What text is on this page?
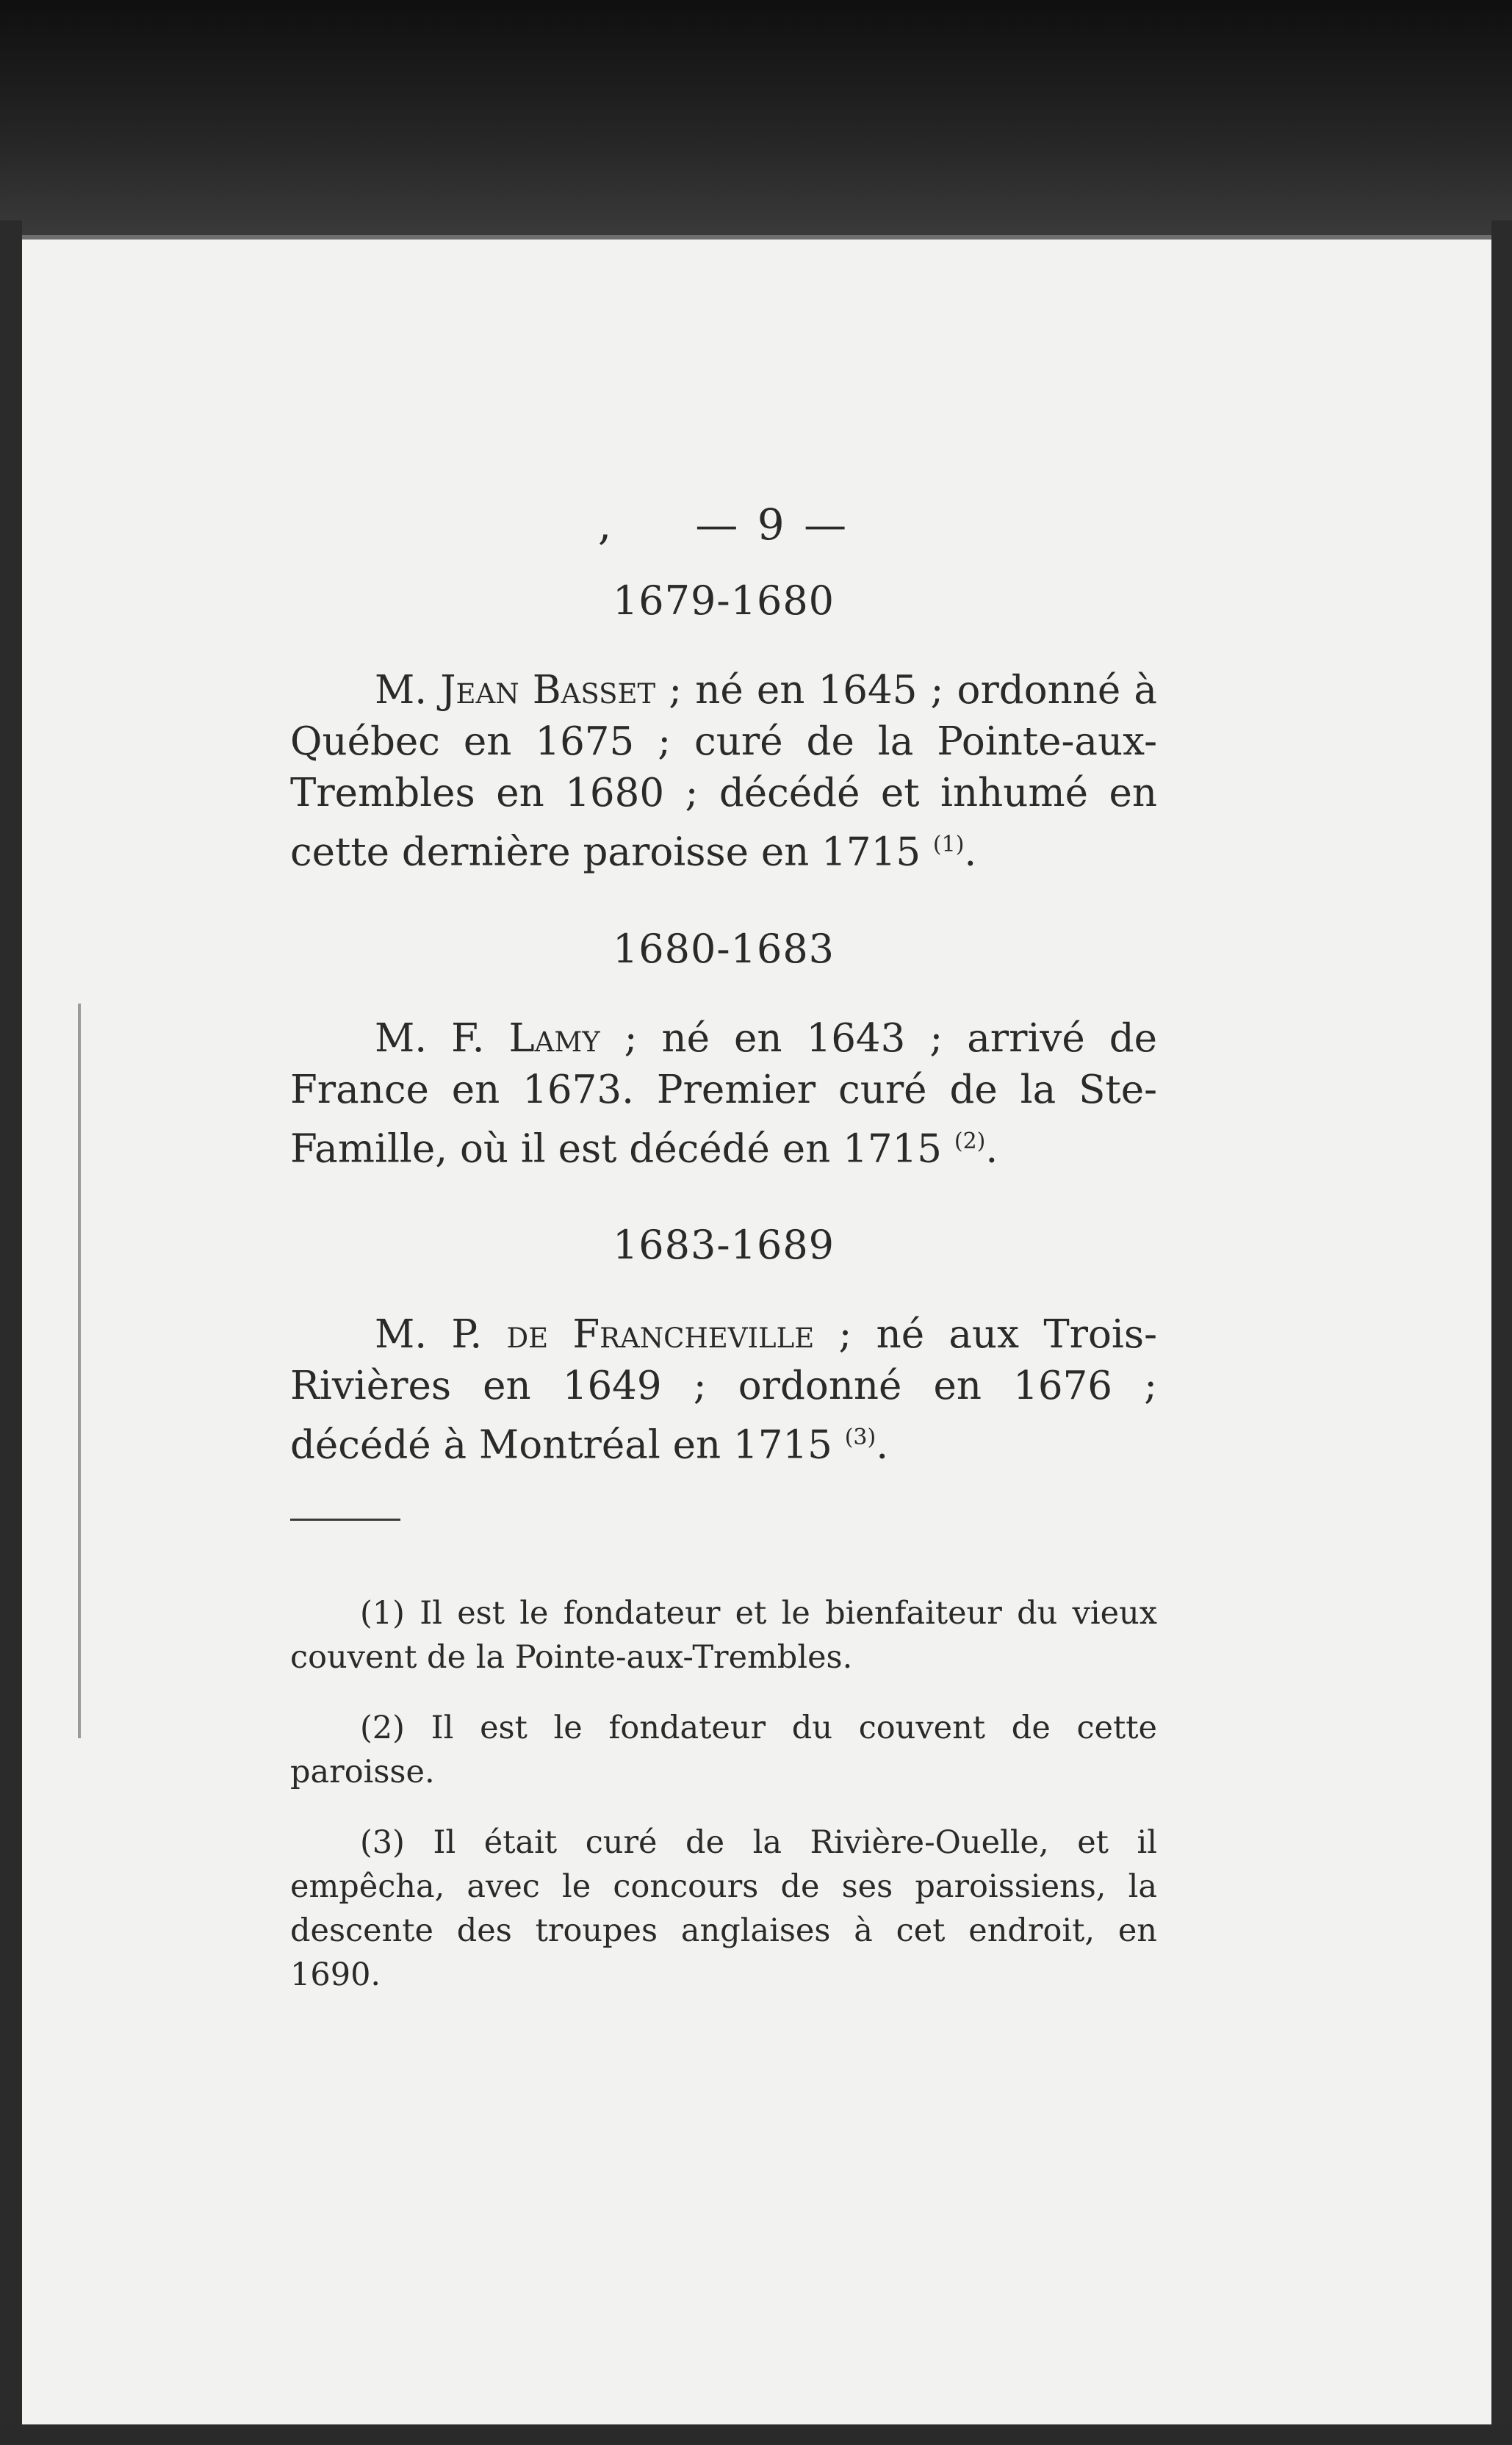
, — 9 —
1679-1680

M. Jean Basset ; né en 1645 ; ordonné à Québec en 1675 ; curé de la Pointe-aux-Trembles en 1680 ; décédé et inhumé en cette dernière paroisse en 1715 $^{(1)}$.

1680-1683

M. F. Lamy ; né en 1643 ; arrivé de France en 1673. Premier curé de la Ste-Famille, où il est décédé en 1715 $^{(2)}$.

1683-1689

M. P. de Francheville ; né aux Trois-Rivières en 1649 ; ordonné en 1676 ; décédé à Montréal en 1715 $^{(3)}$.

(1) Il est le fondateur et le bienfaiteur du vieux couvent de la Pointe-aux-Trembles.

(2) Il est le fondateur du couvent de cette paroisse.

(3) Il était curé de la Rivière-Ouelle, et il empêcha, avec le concours de ses paroissiens, la descente des troupes anglaises à cet endroit, en 1690.
